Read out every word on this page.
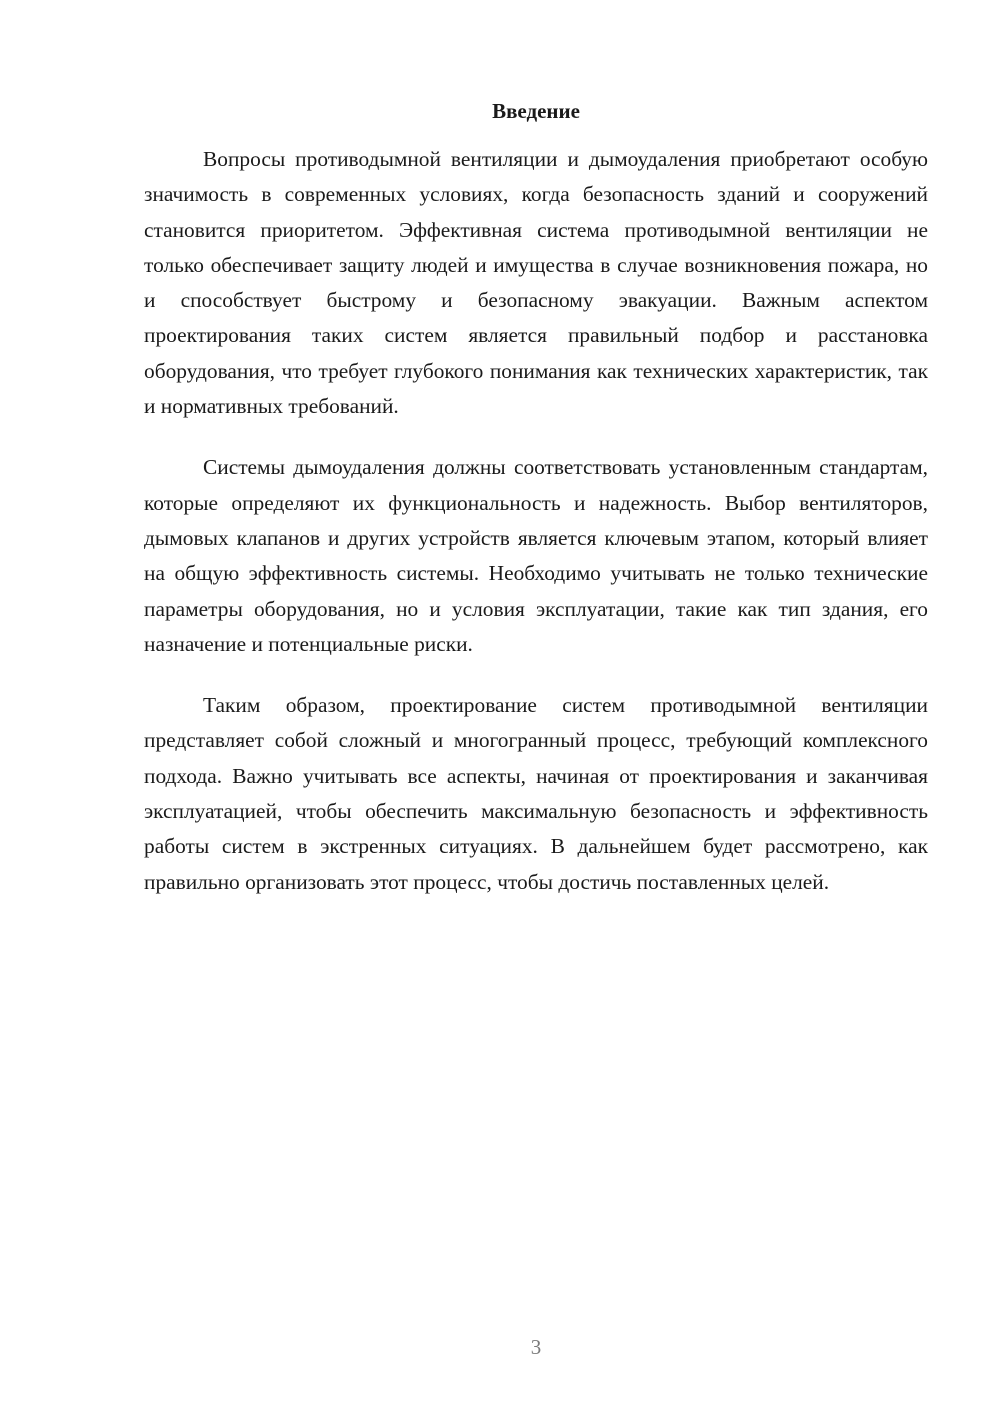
Введение

Вопросы противодымной вентиляции и дымоудаления приобретают особую значимость в современных условиях, когда безопасность зданий и сооружений становится приоритетом. Эффективная система противодымной вентиляции не только обеспечивает защиту людей и имущества в случае возникновения пожара, но и способствует быстрому и безопасному эвакуации. Важным аспектом проектирования таких систем является правильный подбор и расстановка оборудования, что требует глубокого понимания как технических характеристик, так и нормативных требований.

Системы дымоудаления должны соответствовать установленным стандартам, которые определяют их функциональность и надежность. Выбор вентиляторов, дымовых клапанов и других устройств является ключевым этапом, который влияет на общую эффективность системы. Необходимо учитывать не только технические параметры оборудования, но и условия эксплуатации, такие как тип здания, его назначение и потенциальные риски.

Таким образом, проектирование систем противодымной вентиляции представляет собой сложный и многогранный процесс, требующий комплексного подхода. Важно учитывать все аспекты, начиная от проектирования и заканчивая эксплуатацией, чтобы обеспечить максимальную безопасность и эффективность работы систем в экстренных ситуациях. В дальнейшем будет рассмотрено, как правильно организовать этот процесс, чтобы достичь поставленных целей.

3
